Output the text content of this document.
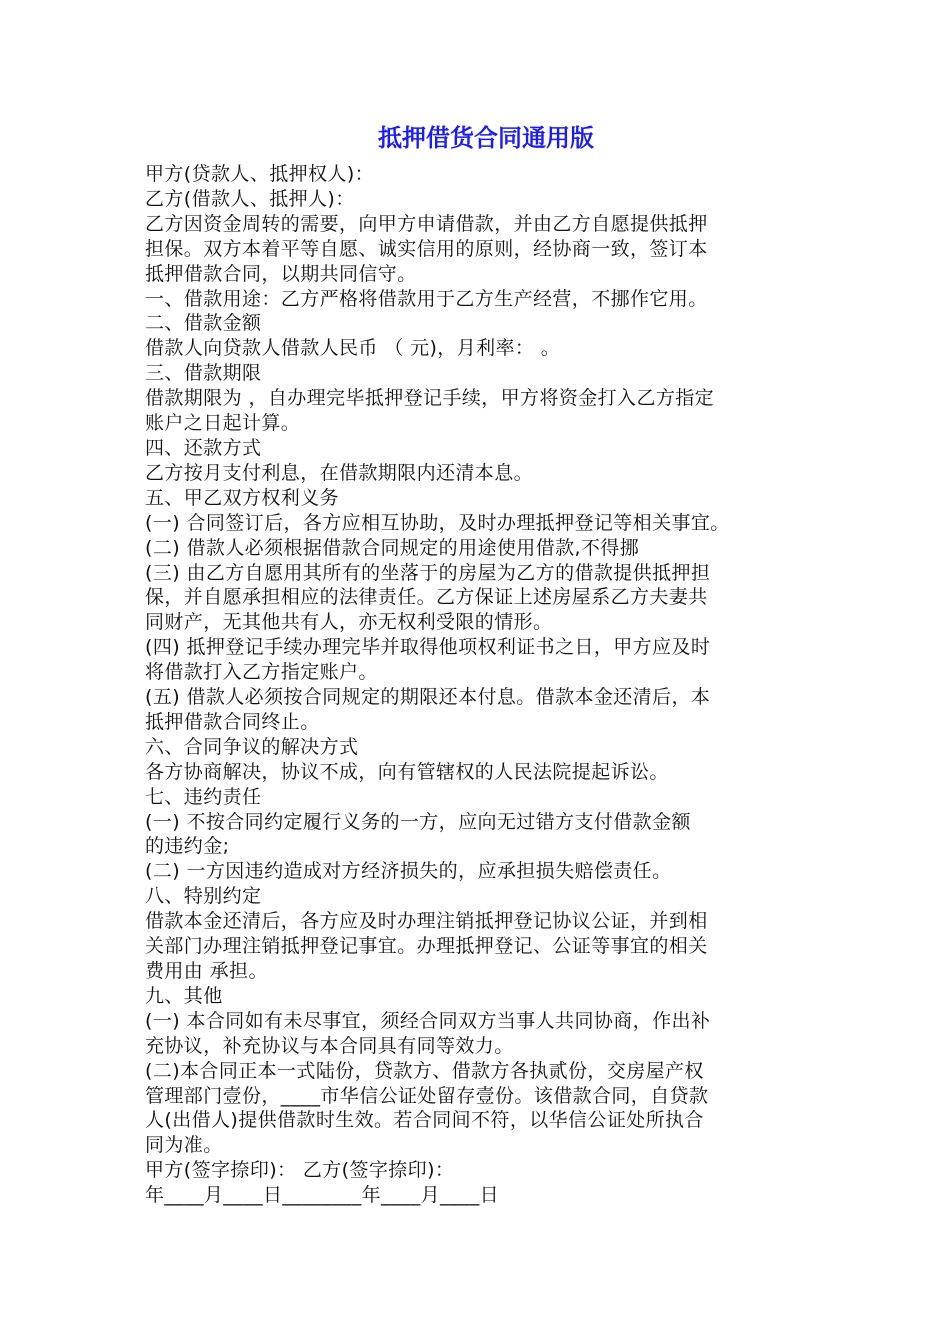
抵押借货合同通用版
甲方(贷款人、抵押权人)：
乙方(借款人、抵押人)：
乙方因资金周转的需要，向甲方申请借款，并由乙方自愿提供抵押
担保。双方本着平等自愿、诚实信用的原则，经协商一致，签订本
抵押借款合同，以期共同信守。
一、借款用途：乙方严格将借款用于乙方生产经营，不挪作它用。
二、借款金额
借款人向贷款人借款人民币 （ 元)，月利率： 。
三、借款期限
借款期限为 ，自办理完毕抵押登记手续，甲方将资金打入乙方指定
账户之日起计算。
四、还款方式
乙方按月支付利息，在借款期限内还清本息。
五、甲乙双方权利义务
(一) 合同签订后，各方应相互协助，及时办理抵押登记等相关事宜。
(二) 借款人必须根据借款合同规定的用途使用借款,不得挪
(三) 由乙方自愿用其所有的坐落于的房屋为乙方的借款提供抵押担
保，并自愿承担相应的法律责任。乙方保证上述房屋系乙方夫妻共
同财产，无其他共有人，亦无权利受限的情形。
(四) 抵押登记手续办理完毕并取得他项权利证书之日，甲方应及时
将借款打入乙方指定账户。
(五) 借款人必须按合同规定的期限还本付息。借款本金还清后，本
抵押借款合同终止。
六、合同争议的解决方式
各方协商解决，协议不成，向有管辖权的人民法院提起诉讼。
七、违约责任
(一) 不按合同约定履行义务的一方，应向无过错方支付借款金额
的违约金;
(二) 一方因违约造成对方经济损失的，应承担损失赔偿责任。
八、特别约定
借款本金还清后，各方应及时办理注销抵押登记协议公证，并到相
关部门办理注销抵押登记事宜。办理抵押登记、公证等事宜的相关
费用由 承担。
九、其他
(一) 本合同如有未尽事宜，须经合同双方当事人共同协商，作出补
充协议，补充协议与本合同具有同等效力。
(二)本合同正本一式陆份，贷款方、借款方各执贰份，交房屋产权
管理部门壹份，____市华信公证处留存壹份。该借款合同，自贷款
人(出借人)提供借款时生效。若合同间不符，以华信公证处所执合
同为准。
甲方(签字捺印)： 乙方(签字捺印)：
年____月____日________年____月____日
